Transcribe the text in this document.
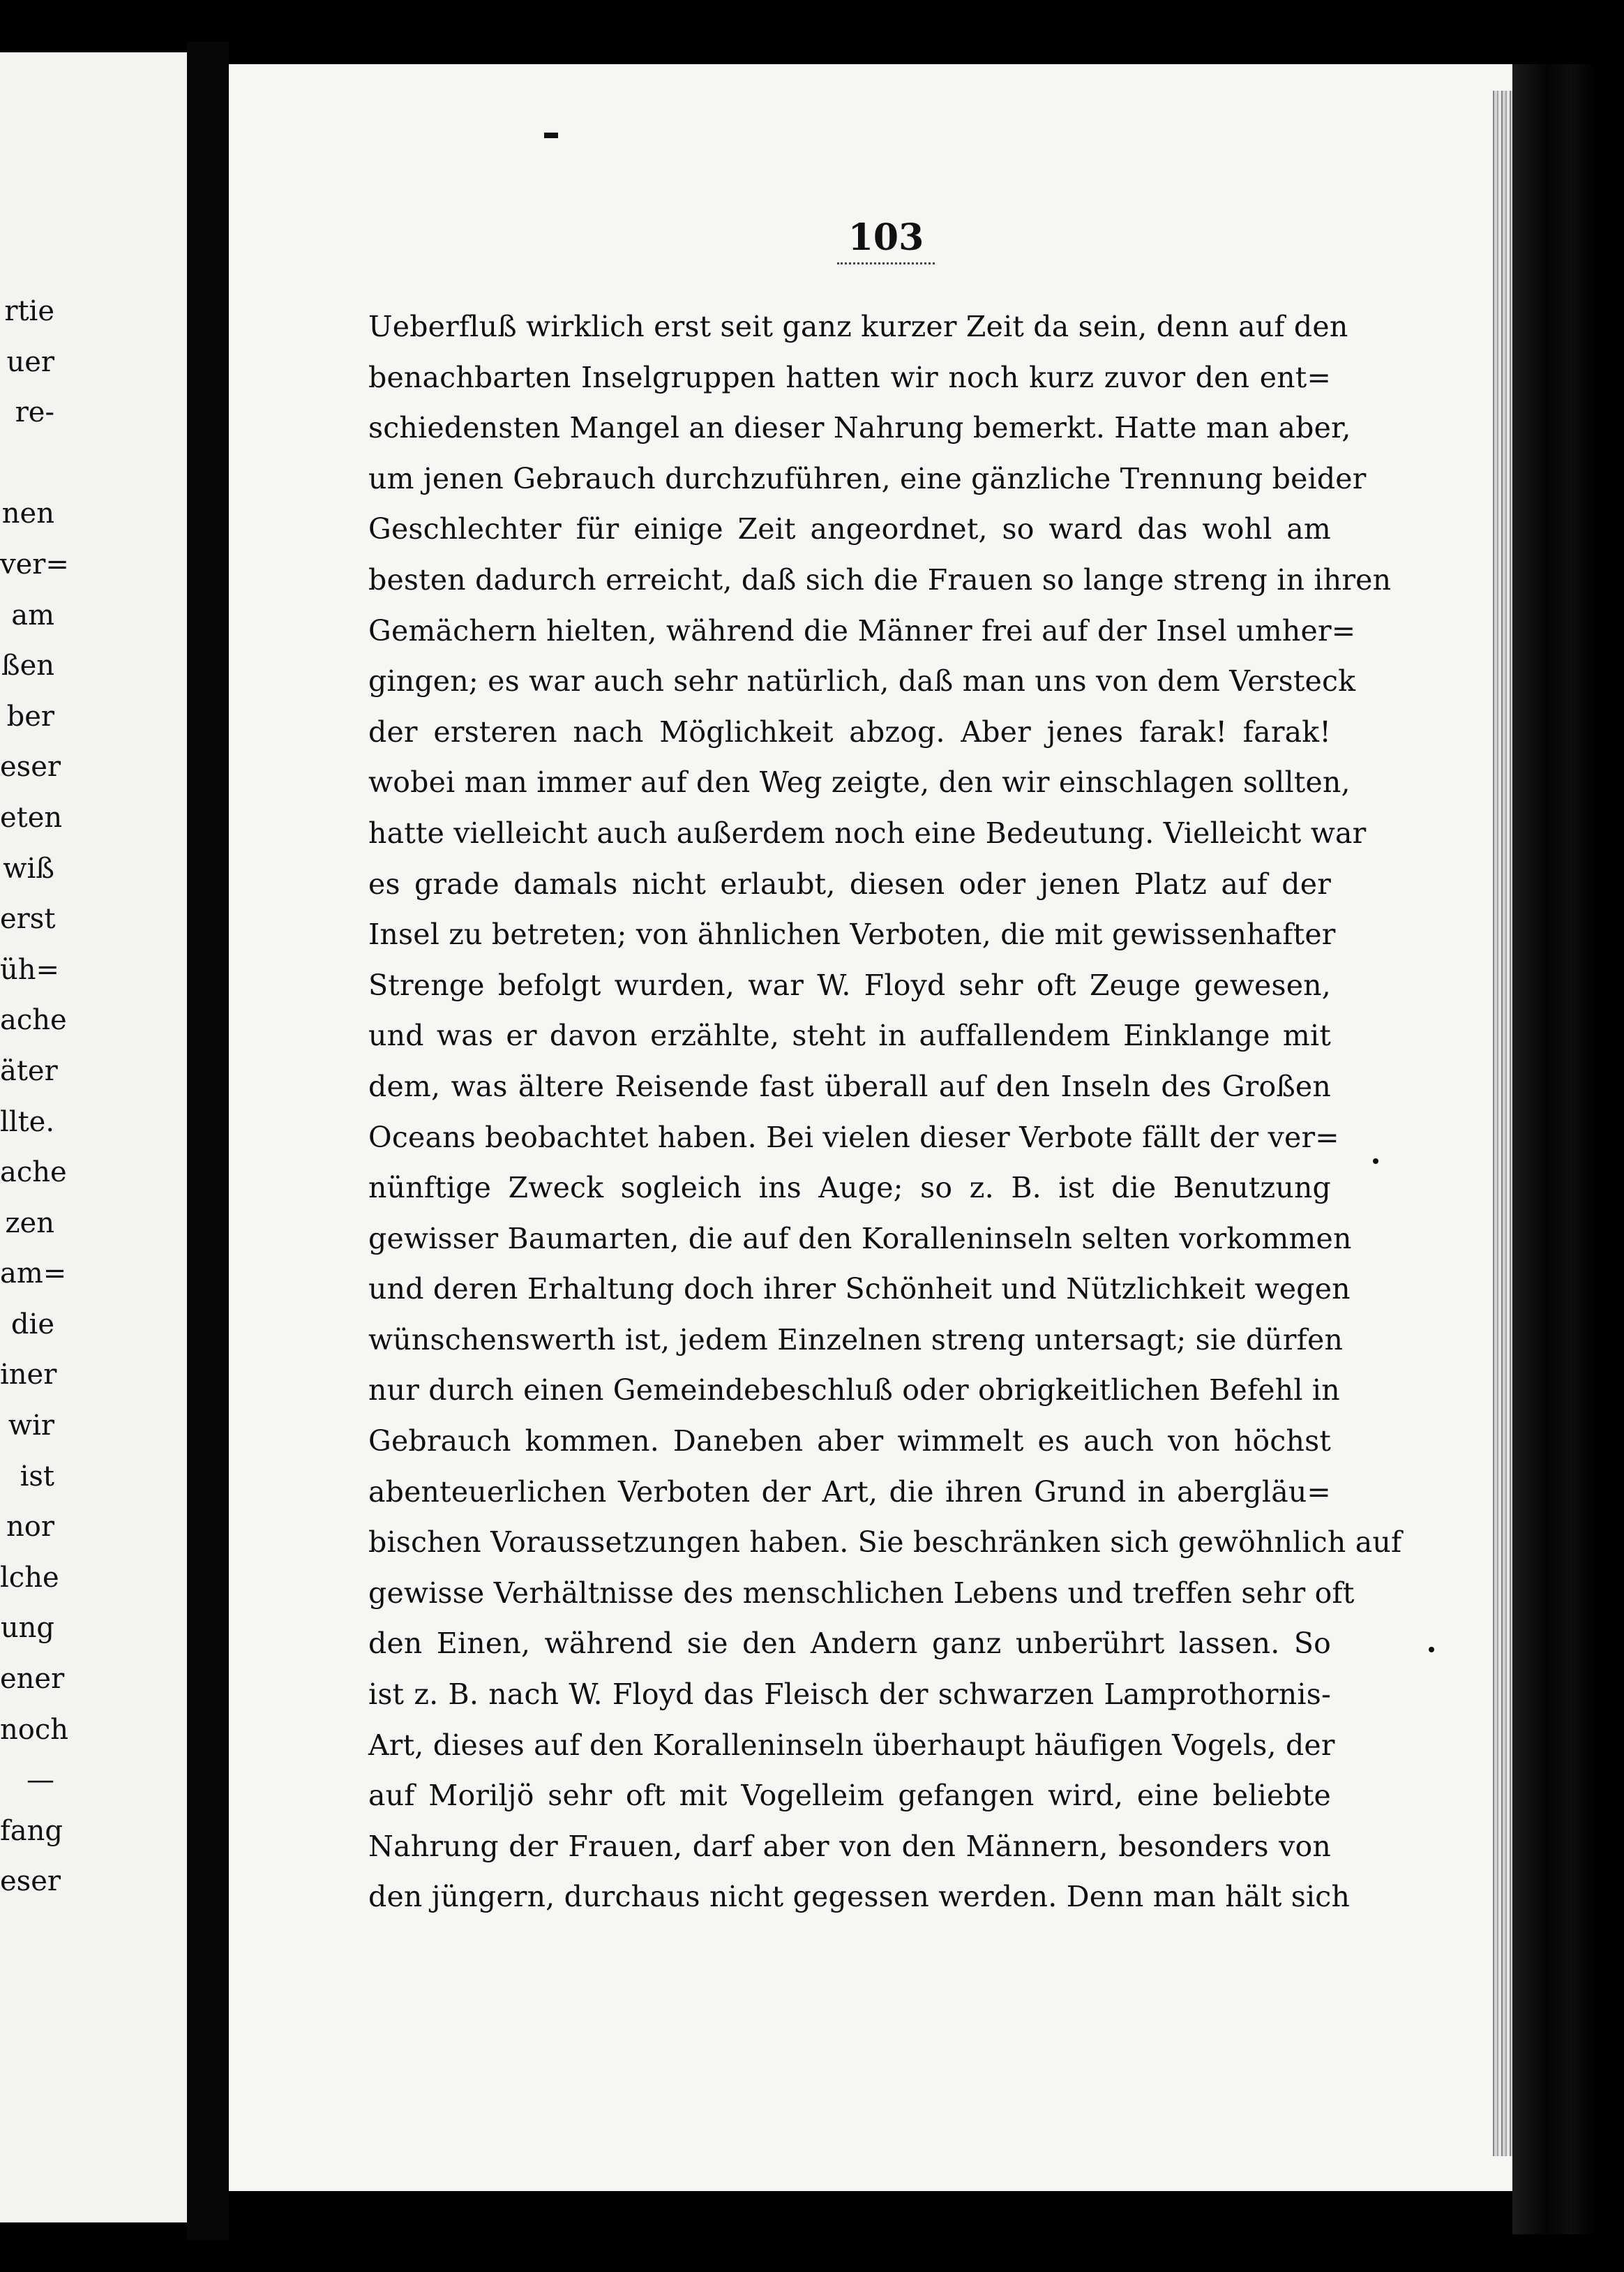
rtie
uer
re-
nen
ver=
am
ßen
ber
eser
eten
wiß
erst
üh=
ache
äter
llte.
ache
zen
am=
die
iner
wir
ist
nor
lche
ung
ener
noch
—
fang
eser
103
Ueberfluß wirklich erst seit ganz kurzer Zeit da sein, denn auf den
benachbarten Inselgruppen hatten wir noch kurz zuvor den ent=
schiedensten Mangel an dieser Nahrung bemerkt. Hatte man aber,
um jenen Gebrauch durchzuführen, eine gänzliche Trennung beider
Geschlechter für einige Zeit angeordnet, so ward das wohl am
besten dadurch erreicht, daß sich die Frauen so lange streng in ihren
Gemächern hielten, während die Männer frei auf der Insel umher=
gingen; es war auch sehr natürlich, daß man uns von dem Versteck
der ersteren nach Möglichkeit abzog. Aber jenes farak! farak!
wobei man immer auf den Weg zeigte, den wir einschlagen sollten,
hatte vielleicht auch außerdem noch eine Bedeutung. Vielleicht war
es grade damals nicht erlaubt, diesen oder jenen Platz auf der
Insel zu betreten; von ähnlichen Verboten, die mit gewissenhafter
Strenge befolgt wurden, war W. Floyd sehr oft Zeuge gewesen,
und was er davon erzählte, steht in auffallendem Einklange mit
dem, was ältere Reisende fast überall auf den Inseln des Großen
Oceans beobachtet haben. Bei vielen dieser Verbote fällt der ver=
nünftige Zweck sogleich ins Auge; so z. B. ist die Benutzung
gewisser Baumarten, die auf den Koralleninseln selten vorkommen
und deren Erhaltung doch ihrer Schönheit und Nützlichkeit wegen
wünschenswerth ist, jedem Einzelnen streng untersagt; sie dürfen
nur durch einen Gemeindebeschluß oder obrigkeitlichen Befehl in
Gebrauch kommen. Daneben aber wimmelt es auch von höchst
abenteuerlichen Verboten der Art, die ihren Grund in abergläu=
bischen Voraussetzungen haben. Sie beschränken sich gewöhnlich auf
gewisse Verhältnisse des menschlichen Lebens und treffen sehr oft
den Einen, während sie den Andern ganz unberührt lassen. So
ist z. B. nach W. Floyd das Fleisch der schwarzen Lamprothornis-
Art, dieses auf den Koralleninseln überhaupt häufigen Vogels, der
auf Moriljö sehr oft mit Vogelleim gefangen wird, eine beliebte
Nahrung der Frauen, darf aber von den Männern, besonders von
den jüngern, durchaus nicht gegessen werden. Denn man hält sich
